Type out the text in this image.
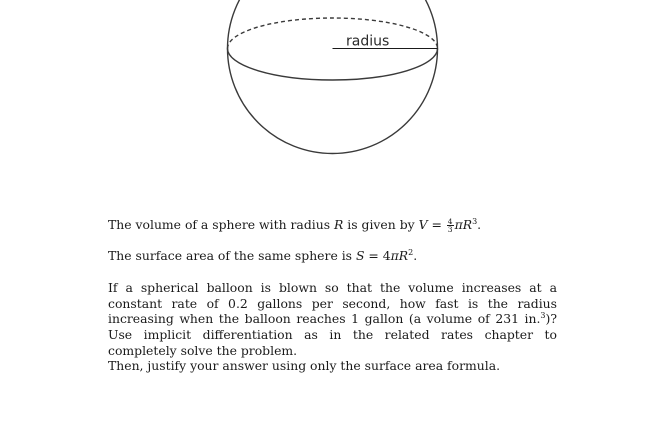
radius

The volume of a sphere with radius R is given by $V = \frac{4}{3} \pi R^3$.

The surface area of the same sphere is $S = 4\pi R^2$.

If a spherical balloon is blown so that the volume increases at a constant rate of 0.2 gallons per second, how fast is the radius increasing when the balloon reaches 1 gallon (a volume of 231 in.$^3$)? Use implicit differentiation as in the related rates chapter to completely solve the problem.

Then, justify your answer using only the surface area formula.
